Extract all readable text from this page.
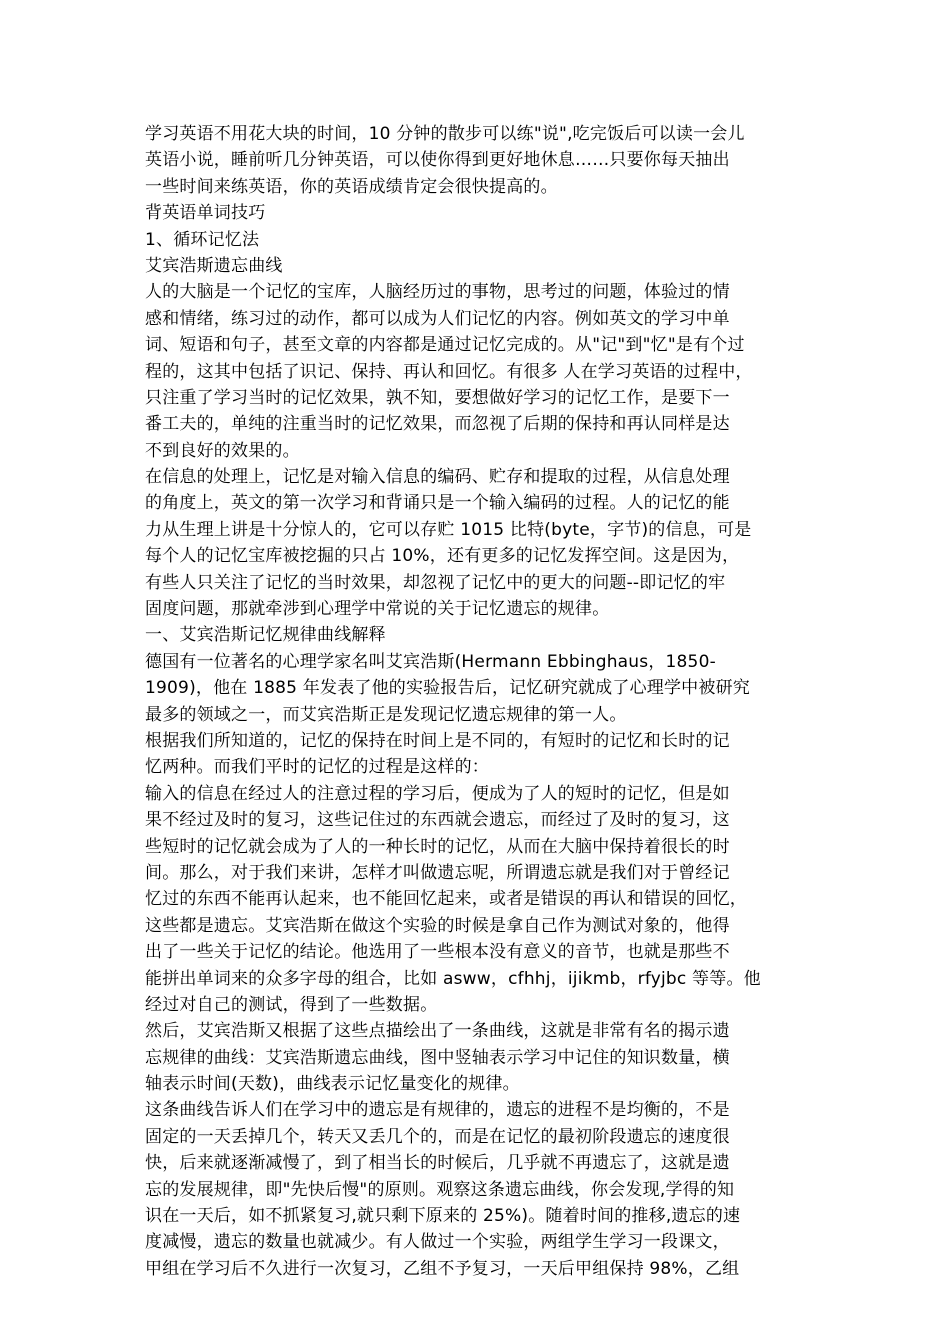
学习英语不用花大块的时间，10 分钟的散步可以练"说",吃完饭后可以读一会儿
英语小说，睡前听几分钟英语，可以使你得到更好地休息……只要你每天抽出
一些时间来练英语，你的英语成绩肯定会很快提高的。
背英语单词技巧
1、循环记忆法
艾宾浩斯遗忘曲线
人的大脑是一个记忆的宝库，人脑经历过的事物，思考过的问题，体验过的情
感和情绪，练习过的动作，都可以成为人们记忆的内容。例如英文的学习中单
词、短语和句子，甚至文章的内容都是通过记忆完成的。从"记"到"忆"是有个过
程的，这其中包括了识记、保持、再认和回忆。有很多 人在学习英语的过程中，
只注重了学习当时的记忆效果，孰不知，要想做好学习的记忆工作，是要下一
番工夫的，单纯的注重当时的记忆效果，而忽视了后期的保持和再认同样是达
不到良好的效果的。
在信息的处理上，记忆是对输入信息的编码、贮存和提取的过程，从信息处理
的角度上，英文的第一次学习和背诵只是一个输入编码的过程。人的记忆的能
力从生理上讲是十分惊人的，它可以存贮 1015 比特(byte，字节)的信息，可是
每个人的记忆宝库被挖掘的只占 10%，还有更多的记忆发挥空间。这是因为，
有些人只关注了记忆的当时效果，却忽视了记忆中的更大的问题--即记忆的牢
固度问题，那就牵涉到心理学中常说的关于记忆遗忘的规律。
一、艾宾浩斯记忆规律曲线解释
德国有一位著名的心理学家名叫艾宾浩斯(Hermann Ebbinghaus，1850-
1909)，他在 1885 年发表了他的实验报告后，记忆研究就成了心理学中被研究
最多的领域之一，而艾宾浩斯正是发现记忆遗忘规律的第一人。
根据我们所知道的，记忆的保持在时间上是不同的，有短时的记忆和长时的记
忆两种。而我们平时的记忆的过程是这样的：
输入的信息在经过人的注意过程的学习后，便成为了人的短时的记忆，但是如
果不经过及时的复习，这些记住过的东西就会遗忘，而经过了及时的复习，这
些短时的记忆就会成为了人的一种长时的记忆，从而在大脑中保持着很长的时
间。那么，对于我们来讲，怎样才叫做遗忘呢，所谓遗忘就是我们对于曾经记
忆过的东西不能再认起来，也不能回忆起来，或者是错误的再认和错误的回忆，
这些都是遗忘。艾宾浩斯在做这个实验的时候是拿自己作为测试对象的，他得
出了一些关于记忆的结论。他选用了一些根本没有意义的音节，也就是那些不
能拼出单词来的众多字母的组合，比如 asww，cfhhj，ijikmb，rfyjbc 等等。他
经过对自己的测试，得到了一些数据。
然后，艾宾浩斯又根据了这些点描绘出了一条曲线，这就是非常有名的揭示遗
忘规律的曲线：艾宾浩斯遗忘曲线，图中竖轴表示学习中记住的知识数量，横
轴表示时间(天数)，曲线表示记忆量变化的规律。
这条曲线告诉人们在学习中的遗忘是有规律的，遗忘的进程不是均衡的，不是
固定的一天丢掉几个，转天又丢几个的，而是在记忆的最初阶段遗忘的速度很
快，后来就逐渐减慢了，到了相当长的时候后，几乎就不再遗忘了，这就是遗
忘的发展规律，即"先快后慢"的原则。观察这条遗忘曲线，你会发现,学得的知
识在一天后，如不抓紧复习,就只剩下原来的 25%)。随着时间的推移,遗忘的速
度减慢，遗忘的数量也就减少。有人做过一个实验，两组学生学习一段课文，
甲组在学习后不久进行一次复习，乙组不予复习，一天后甲组保持 98%，乙组
